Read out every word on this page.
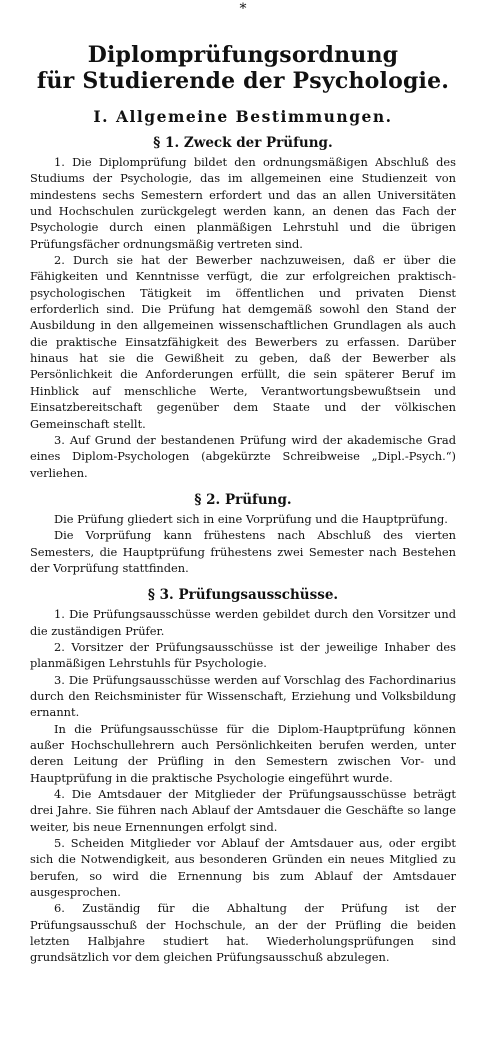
*
Diplomprüfungsordnung
für Studierende der Psychologie.
I. Allgemeine Bestimmungen.
§ 1. Zweck der Prüfung.

1. Die Diplomprüfung bildet den ordnungsmäßigen Abschluß des Studiums der Psychologie, das im allgemeinen eine Studienzeit von mindestens sechs Semestern erfordert und das an allen Universitäten und Hochschulen zurückgelegt werden kann, an denen das Fach der Psychologie durch einen planmäßigen Lehrstuhl und die übrigen Prüfungsfächer ordnungsmäßig vertreten sind.

2. Durch sie hat der Bewerber nachzuweisen, daß er über die Fähigkeiten und Kenntnisse verfügt, die zur erfolgreichen praktisch-psychologischen Tätigkeit im öffentlichen und privaten Dienst erforderlich sind. Die Prüfung hat demgemäß sowohl den Stand der Ausbildung in den allgemeinen wissenschaftlichen Grundlagen als auch die praktische Einsatzfähigkeit des Bewerbers zu erfassen. Darüber hinaus hat sie die Gewißheit zu geben, daß der Bewerber als Persönlichkeit die Anforderungen erfüllt, die sein späterer Beruf im Hinblick auf menschliche Werte, Verantwortungsbewußtsein und Einsatzbereitschaft gegenüber dem Staate und der völkischen Gemeinschaft stellt.

3. Auf Grund der bestandenen Prüfung wird der akademische Grad eines Diplom-Psychologen (abgekürzte Schreibweise „Dipl.-Psych.“) verliehen.

§ 2. Prüfung.

Die Prüfung gliedert sich in eine Vorprüfung und die Hauptprüfung.

Die Vorprüfung kann frühestens nach Abschluß des vierten Semesters, die Hauptprüfung frühestens zwei Semester nach Bestehen der Vorprüfung stattfinden.

§ 3. Prüfungsausschüsse.

1. Die Prüfungsausschüsse werden gebildet durch den Vorsitzer und die zuständigen Prüfer.

2. Vorsitzer der Prüfungsausschüsse ist der jeweilige Inhaber des planmäßigen Lehrstuhls für Psychologie.

3. Die Prüfungsausschüsse werden auf Vorschlag des Fachordinarius durch den Reichsminister für Wissenschaft, Erziehung und Volksbildung ernannt.

In die Prüfungsausschüsse für die Diplom-Hauptprüfung können außer Hochschullehrern auch Persönlichkeiten berufen werden, unter deren Leitung der Prüfling in den Semestern zwischen Vor- und Hauptprüfung in die praktische Psychologie eingeführt wurde.

4. Die Amtsdauer der Mitglieder der Prüfungsausschüsse beträgt drei Jahre. Sie führen nach Ablauf der Amtsdauer die Geschäfte so lange weiter, bis neue Ernennungen erfolgt sind.

5. Scheiden Mitglieder vor Ablauf der Amtsdauer aus, oder ergibt sich die Notwendigkeit, aus besonderen Gründen ein neues Mitglied zu berufen, so wird die Ernennung bis zum Ablauf der Amtsdauer ausgesprochen.

6. Zuständig für die Abhaltung der Prüfung ist der Prüfungsausschuß der Hochschule, an der der Prüfling die beiden letzten Halbjahre studiert hat. Wiederholungsprüfungen sind grundsätzlich vor dem gleichen Prüfungsausschuß abzulegen.
